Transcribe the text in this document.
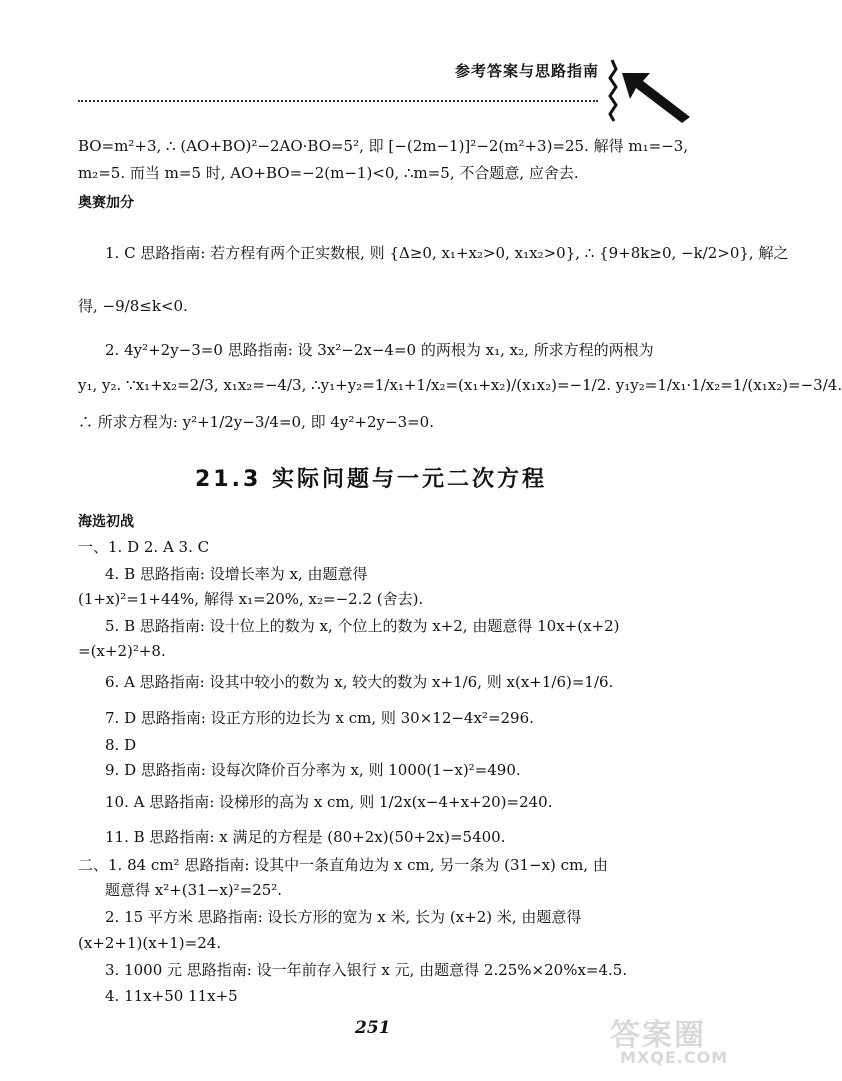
参考答案与思路指南
BO=m²+3, ∴ (AO+BO)²−2AO·BO=5², 即 [−(2m−1)]²−2(m²+3)=25. 解得 m₁=−3,
m₂=5. 而当 m=5 时, AO+BO=−2(m−1)<0, ∴m=5, 不合题意, 应舍去.
奥赛加分
1. C 思路指南: 若方程有两个正实数根, 则 {Δ≥0, x₁+x₂>0, x₁x₂>0}, ∴ {9+8k≥0, −k/2>0}, 解之
得, −9/8≤k<0.
2. 4y²+2y−3=0 思路指南: 设 3x²−2x−4=0 的两根为 x₁, x₂, 所求方程的两根为
y₁, y₂. ∵x₁+x₂=2/3, x₁x₂=−4/3, ∴y₁+y₂=1/x₁+1/x₂=(x₁+x₂)/(x₁x₂)=−1/2. y₁y₂=1/x₁·1/x₂=1/(x₁x₂)=−3/4.
∴ 所求方程为: y²+1/2y−3/4=0, 即 4y²+2y−3=0.
21.3 实际问题与一元二次方程
海选初战
一、1. D 2. A 3. C
4. B 思路指南: 设增长率为 x, 由题意得
(1+x)²=1+44%, 解得 x₁=20%, x₂=−2.2 (舍去).
5. B 思路指南: 设十位上的数为 x, 个位上的数为 x+2, 由题意得 10x+(x+2)
=(x+2)²+8.
6. A 思路指南: 设其中较小的数为 x, 较大的数为 x+1/6, 则 x(x+1/6)=1/6.
7. D 思路指南: 设正方形的边长为 x cm, 则 30×12−4x²=296.
8. D
9. D 思路指南: 设每次降价百分率为 x, 则 1000(1−x)²=490.
10. A 思路指南: 设梯形的高为 x cm, 则 1/2x(x−4+x+20)=240.
11. B 思路指南: x 满足的方程是 (80+2x)(50+2x)=5400.
二、1. 84 cm² 思路指南: 设其中一条直角边为 x cm, 另一条为 (31−x) cm, 由
题意得 x²+(31−x)²=25².
2. 15 平方米 思路指南: 设长方形的宽为 x 米, 长为 (x+2) 米, 由题意得
(x+2+1)(x+1)=24.
3. 1000 元 思路指南: 设一年前存入银行 x 元, 由题意得 2.25%×20%x=4.5.
4. 11x+50 11x+5
251	答案圈
MXQE.COM
